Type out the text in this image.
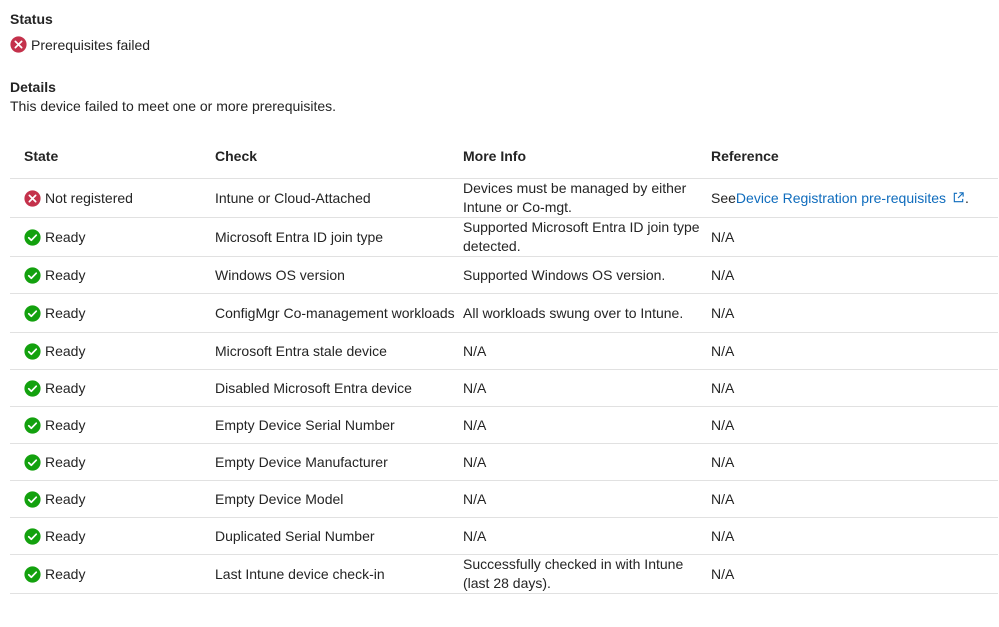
Status
Prerequisites failed
Details
This device failed to meet one or more prerequisites.
State	Check	More Info	Reference

Not registered	Intune or Cloud-Attached	Devices must be managed by either Intune or Co-mgt.	SeeDevice Registration pre-requisites .

Ready	Microsoft Entra ID join type	Supported Microsoft Entra ID join type detected.	N/A

Ready	Windows OS version	Supported Windows OS version.	N/A

Ready	ConfigMgr Co-management workloads	All workloads swung over to Intune.	N/A

Ready	Microsoft Entra stale device	N/A	N/A

Ready	Disabled Microsoft Entra device	N/A	N/A

Ready	Empty Device Serial Number	N/A	N/A

Ready	Empty Device Manufacturer	N/A	N/A

Ready	Empty Device Model	N/A	N/A

Ready	Duplicated Serial Number	N/A	N/A

Ready	Last Intune device check-in	Successfully checked in with Intune (last 28 days).	N/A
